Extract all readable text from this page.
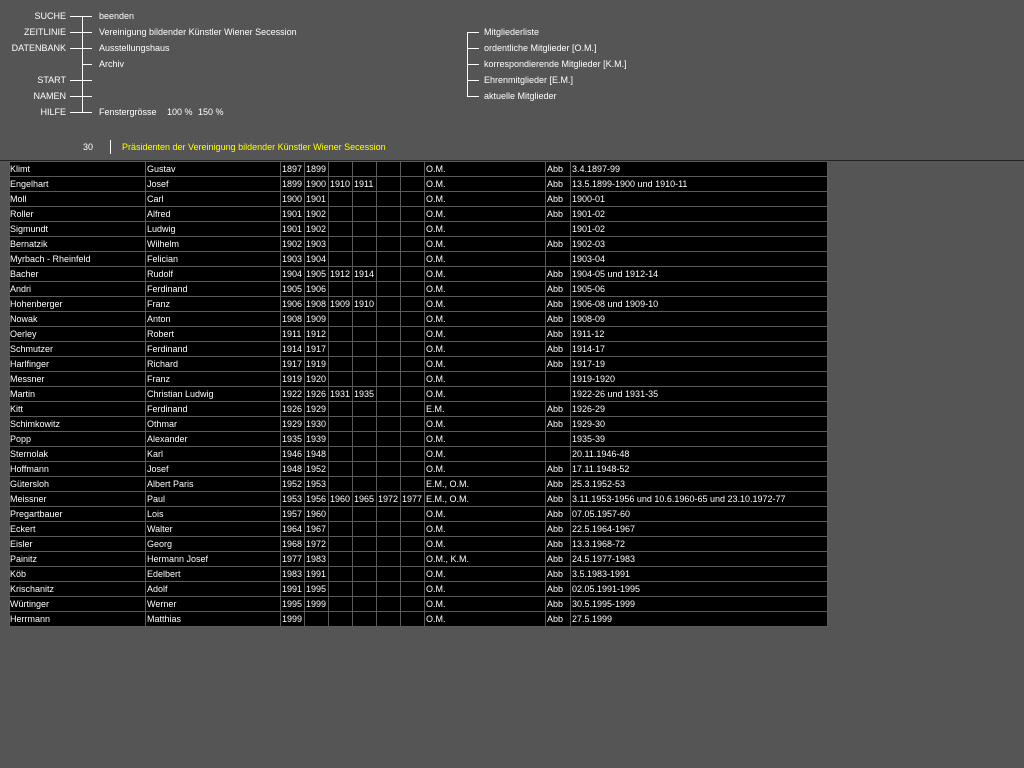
SUCHE
ZEITLINIE
DATENBANK
START
NAMEN
HILFE
beenden
Vereinigung bildender Künstler Wiener Secession
Ausstellungshaus
Archiv
Fenstergrösse 100 % 150 %
Mitgliederliste
ordentliche Mitglieder [O.M.]
korrespondierende Mitglieder [K.M.]
Ehrenmitglieder [E.M.]
aktuelle Mitglieder
30	Präsidenten der Vereinigung bildender Künstler Wiener Secession
Klimt	Gustav	1897	1899					O.M.	Abb	3.4.1897-99
Engelhart	Josef	1899	1900	1910	1911			O.M.	Abb	13.5.1899-1900 und 1910-11
Moll	Carl	1900	1901					O.M.	Abb	1900-01
Roller	Alfred	1901	1902					O.M.	Abb	1901-02
Sigmundt	Ludwig	1901	1902					O.M.		1901-02
Bernatzik	Wilhelm	1902	1903					O.M.	Abb	1902-03
Myrbach - Rheinfeld	Felician	1903	1904					O.M.		1903-04
Bacher	Rudolf	1904	1905	1912	1914			O.M.	Abb	1904-05 und 1912-14
Andri	Ferdinand	1905	1906					O.M.	Abb	1905-06
Hohenberger	Franz	1906	1908	1909	1910			O.M.	Abb	1906-08 und 1909-10
Nowak	Anton	1908	1909					O.M.	Abb	1908-09
Oerley	Robert	1911	1912					O.M.	Abb	1911-12
Schmutzer	Ferdinand	1914	1917					O.M.	Abb	1914-17
Harlfinger	Richard	1917	1919					O.M.	Abb	1917-19
Messner	Franz	1919	1920					O.M.		1919-1920
Martin	Christian Ludwig	1922	1926	1931	1935			O.M.		1922-26 und 1931-35
Kitt	Ferdinand	1926	1929					E.M.	Abb	1926-29
Schimkowitz	Othmar	1929	1930					O.M.	Abb	1929-30
Popp	Alexander	1935	1939					O.M.		1935-39
Sternolak	Karl	1946	1948					O.M.		20.11.1946-48
Hoffmann	Josef	1948	1952					O.M.	Abb	17.11.1948-52
Gütersloh	Albert Paris	1952	1953					E.M., O.M.	Abb	25.3.1952-53
Meissner	Paul	1953	1956	1960	1965	1972	1977	E.M., O.M.	Abb	3.11.1953-1956 und 10.6.1960-65 und 23.10.1972-77
Pregartbauer	Lois	1957	1960					O.M.	Abb	07.05.1957-60
Eckert	Walter	1964	1967					O.M.	Abb	22.5.1964-1967
Eisler	Georg	1968	1972					O.M.	Abb	13.3.1968-72
Painitz	Hermann Josef	1977	1983					O.M., K.M.	Abb	24.5.1977-1983
Köb	Edelbert	1983	1991					O.M.	Abb	3.5.1983-1991
Krischanitz	Adolf	1991	1995					O.M.	Abb	02.05.1991-1995
Würtinger	Werner	1995	1999					O.M.	Abb	30.5.1995-1999
Herrmann	Matthias	1999						O.M.	Abb	27.5.1999
